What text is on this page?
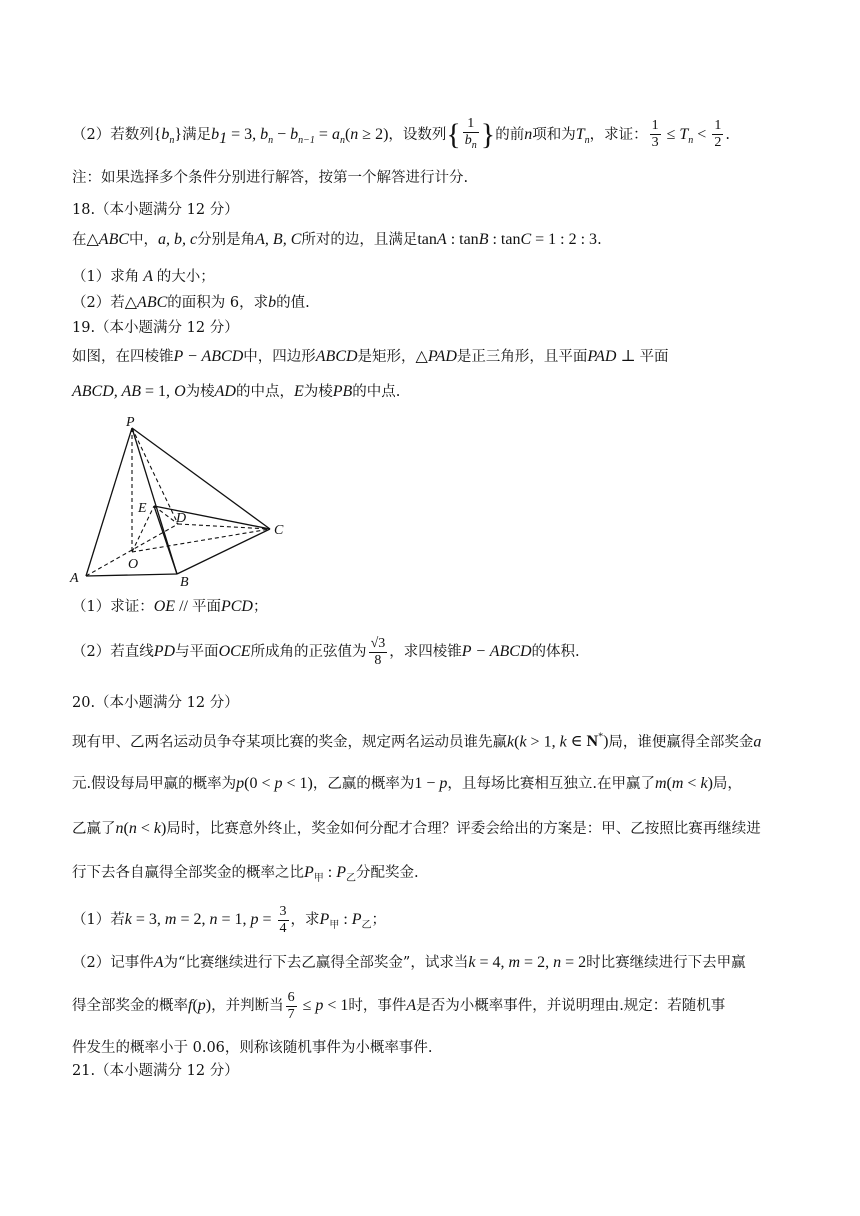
（2）若数列$\{b_n\}$满足$b_1 = 3$, $b_n - b_{n-1} = a_n(n \ge 2)$，设数列{ $\frac{1}{b_n}$ }的前n项和为$T_n$，求证： $\frac{1}{3} \le T_n < \frac{1}{2}$ .
注：如果选择多个条件分别进行解答，按第一个解答进行计分.
18.（本小题满分 12 分）
在△ABC中，a, b, c分别是角A, B, C所对的边，且满足tanA : tanB : tanC = 1 : 2 : 3.
（1）求角 A 的大小；
（2）若△ABC的面积为 6，求b的值.
19.（本小题满分 12 分）
如图，在四棱锥P − ABCD中，四边形ABCD是矩形，△PAD是正三角形，且平面PAD ⊥ 平面
ABCD, AB = 1, O为棱AD的中点，E为棱PB的中点.
P
E
D
C
O
A	B
（1）求证：OE // 平面PCD；
（2）若直线PD与平面OCE所成角的正弦值为 $\frac{√3}{8}$ ，求四棱锥P − ABCD的体积.
20.（本小题满分 12 分）
现有甲、乙两名运动员争夺某项比赛的奖金，规定两名运动员谁先赢k(k > 1, k ∈ N*)局，谁便赢得全部奖金a
元.假设每局甲赢的概率为p(0 < p < 1)，乙赢的概率为1 − p，且每场比赛相互独立.在甲赢了m(m < k)局，
乙赢了n(n < k)局时，比赛意外终止，奖金如何分配才合理？评委会给出的方案是：甲、乙按照比赛再继续进
行下去各自赢得全部奖金的概率之比$P_甲$ : $P_乙$分配奖金.
（1）若k = 3, m = 2, n = 1, $p = \frac{3}{4}$ ，求$P_甲$ : $P_乙$；
（2）记事件A为“比赛继续进行下去乙赢得全部奖金”，试求当k = 4, m = 2, n = 2时比赛继续进行下去甲赢
得全部奖金的概率f(p)，并判断当 $\frac{6}{7} \le p < 1$时，事件A是否为小概率事件，并说明理由.规定：若随机事
件发生的概率小于 0.06，则称该随机事件为小概率事件.
21.（本小题满分 12 分）
